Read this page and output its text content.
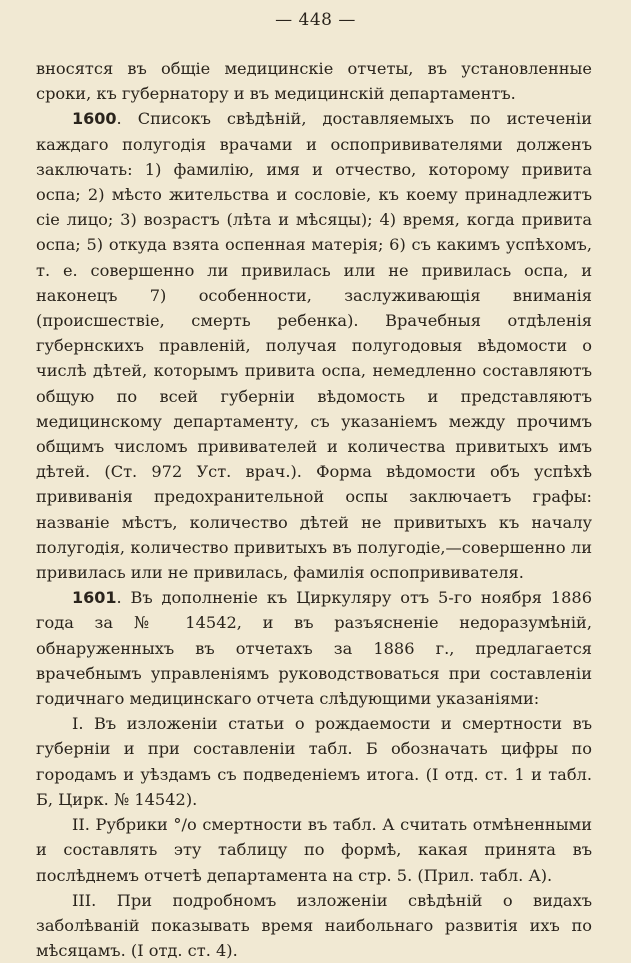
— 448 —

вносятся въ общіе медицинскіе отчеты, въ установленные сроки, къ губернатору и въ медицинскій департаментъ.

1600. Списокъ свѣдѣній, доставляемыхъ по истеченіи каждаго полугодія врачами и оспопрививателями долженъ заключать: 1) фамилію, имя и отчество, которому привита оспа; 2) мѣсто жительства и сословіе, къ коему принадлежитъ сіе лицо; 3) возрастъ (лѣта и мѣсяцы); 4) время, когда привита оспа; 5) откуда взята оспенная матерія; 6) съ какимъ успѣхомъ, т. е. совершенно ли привилась или не привилась оспа, и наконецъ 7) особенности, заслуживающія вниманія (происшествіе, смерть ребенка). Врачебныя отдѣленія губернскихъ правленій, получая полугодовыя вѣдомости о числѣ дѣтей, которымъ привита оспа, немедленно составляютъ общую по всей губерніи вѣдомость и представляютъ медицинскому департаменту, съ указаніемъ между прочимъ общимъ числомъ прививателей и количества привитыхъ имъ дѣтей. (Ст. 972 Уст. врач.). Форма вѣдомости объ успѣхѣ прививанія предохранительной оспы заключаетъ графы: названіе мѣстъ, количество дѣтей не привитыхъ къ началу полугодія, количество привитыхъ въ полугодіе,—совершенно ли привилась или не привилась, фамилія оспопрививателя.

1601. Въ дополненіе къ Циркуляру отъ 5-го ноября 1886 года за № 14542, и въ разъясненіе недоразумѣній, обнаруженныхъ въ отчетахъ за 1886 г., предлагается врачебнымъ управленіямъ руководствоваться при составленіи годичнаго медицинскаго отчета слѣдующими указаніями:

I. Въ изложеніи статьи о рождаемости и смертности въ губерніи и при составленіи табл. Б обозначать цифры по городамъ и уѣздамъ съ подведеніемъ итога. (I отд. ст. 1 и табл. Б, Цирк. № 14542).

II. Рубрики °/о смертности въ табл. А считать отмѣненными и составлять эту таблицу по формѣ, какая принята въ послѣднемъ отчетѣ департамента на стр. 5. (Прил. табл. А).

III. При подробномъ изложеніи свѣдѣній о видахъ заболѣваній показывать время наибольнаго развитія ихъ по мѣсяцамъ. (I отд. ст. 4).
